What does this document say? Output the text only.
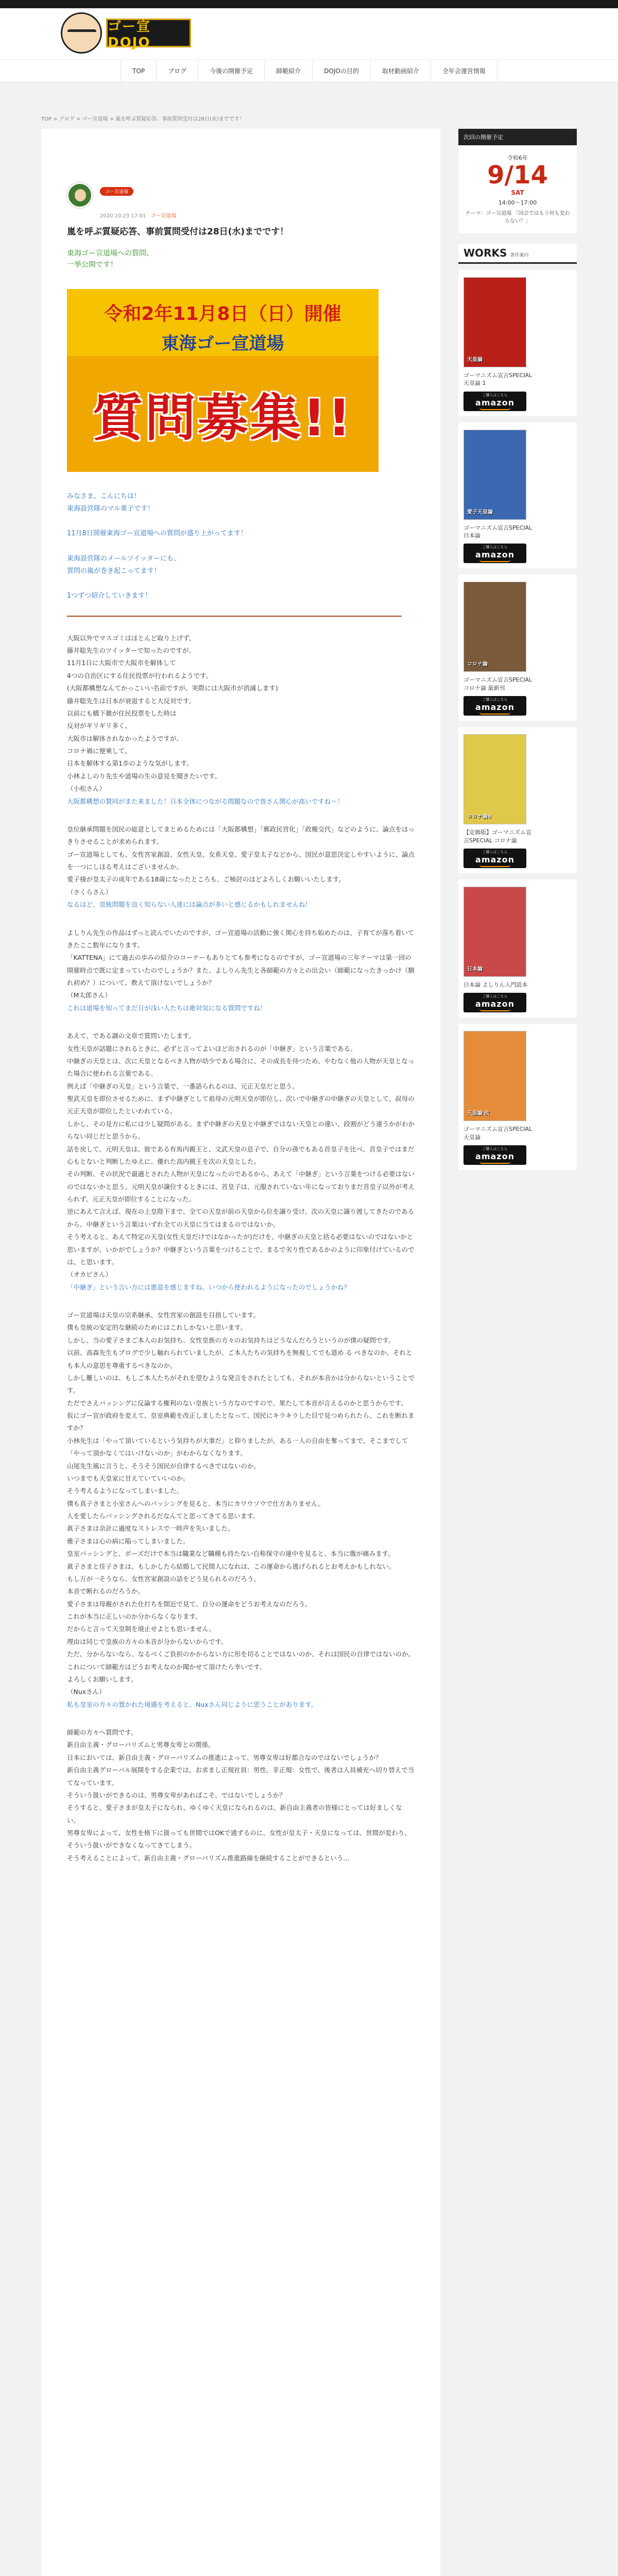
ゴー宣DOJO
TOP	ブログ	今後の開催予定	師範紹介	DOJOの目的	取材動画紹介	全年会運営情報
TOP > ブログ > ゴー宣道場 > 嵐を呼ぶ質疑応答、事前質問受付は28日(水)までです！
ゴー宣道場
2020.10.23 17:01 ゴー宣道場
嵐を呼ぶ質疑応答、事前質問受付は28日(水)までです！

東海ゴー宣道場への質問、

一挙公開です！

令和2年11月8日（日）開催
東海ゴー宣道場
質問募集!!

みなさま、こんにちは！

東海設営隊のマル菓子です！

11月8日開催東海ゴー宣道場への質問が盛り上がってます！

東海設営隊のメールソイッターにも、

質問の嵐が巻き起こってます！

1つずつ紹介していきます！

大阪以外でマスゴミはほとんど取り上げず、

藤井聡先生のツイッターで知ったのですが、

11月1日に大阪市で大阪市を解体して

4つの自治区にする住民投票が行われるようです。

(大阪都構想なんてかっこいい名前ですが、実際には大阪市が消滅します)

藤井聡先生は日本が衰退すると大反対です。

以前にも橋下徹が住民投票をした時は

反対がギリギリ多く、

大阪市は解体されなかったようですが、

コロナ禍に便乗して、

日本を解体する第1歩のような気がします。

小林よしのり先生や道場の生の意見を聞きたいです。

（小松さん）

大阪都構想の賛同がまた来ました！日本全体につながる問題なので皆さん関心が高いですね〜！

皇位継承問題を国民の総意としてまとめるためには「大阪都構想」「郵政民営化」「政権交代」などのように、論点をはっきりさせることが求められます。

ゴー宣道場としても、女性宮家創設、女性天皇、女系天皇、愛子皇太子などから、国民が意思決定しやすいように、論点を一つにしほる考えはございませんか。

愛子様が皇太子の成年である18歳になったところも、ご検討のほどよろしくお願いいたします。

（さくらさん）

なるほど、皇統問題を良く知らない人達には論点が多いと感じるかもしれませんね！

よしりん先生の作品はずっと読んでいたのですが、ゴー宣道場の活動に強く関心を持ち始めたのは、子育てが落ち着いてきたここ数年になります。

「KATTENA」にて過去の歩みの紹介のコーナーもありとても参考になるのですが、ゴー宣道場の三年テーマは第一回の開催時点で既に定まっていたのでしょうか？また、よしりん先生と各師範の方々との出会い（師範になったきっかけ（馴れ初め？）について、教えて頂けないでしょうか？

（M太郎さん）

これは道場を知ってまだ日が浅い人たちは絶対気になる質問ですね！

あえて、である調の文章で質問いたします。

女性天皇が話題にされるときに、必ずと言ってよいほど出されるのが「中継ぎ」という言葉である。

中継ぎの天皇とは、次に天皇となるべき人物が幼少である場合に、その成長を待つため、やむなく他の人物が天皇となった場合に使われる言葉である。

例えば「中継ぎの天皇」という言葉で、一番語られるのは、元正天皇だと思う。

聖武天皇を即位させるために、まず中継ぎとして祖母の元明天皇が即位し、次いで中継ぎの中継ぎの天皇として、叔母の元正天皇が即位したといわれている。

しかし、その見方に私には少し疑問がある。まず中継ぎの天皇と中継ぎではない天皇との違い、段割がどう違うかがわからない同じだと思うから。

話を戻して、元明天皇は、彼である有馬内親王と、文武天皇の息子で、自分の孫でもある首皇子を比べ、首皇子ではまだ心もとないと判断したゆえに、優れた高内親王を次の天皇とした。

その判断、その状況で最適とされた人物が天皇になったのであるから、あえて「中継ぎ」という言葉をつける必要はないのではないかと思う。元明天皇が譲位するときには、首皇子は、元服されていない年になっておりまだ首皇子以外が考えられず、元正天皇が即位することになった。

逆にあえて言えば、現在の上皇陛下まで、全ての天皇が前の天皇から位を譲り受け、次の天皇に譲り渡してきたのであるから、中継ぎという言葉はいずれ全ての天皇に当てはまるのではないか。

そう考えると、あえて特定の天皇(女性天皇だけではなかったが)だけを、中継ぎの天皇と括る必要はないのではないかと思いますが、いかがでしょうか？中継ぎという言葉をつけることで、まるで劣り性であるかのように印象付けているのでは、と思います。

（オカピさん）

「中継ぎ」という言い方には悪意を感じますね。いつから使われるようになったのでしょうかね？

ゴー宣道場は天皇の宗系継承、女性宮家の創設を目指しています。

僕も皇統の安定的な継続のためにはこれしかないと思います。

しかし、当の愛子さまご本人のお気持ち、女性皇族の方々のお気持ちはどうなんだろうというのが僕の疑問です。

以前、高森先生もブログで少し触れられていましたが、ご本人たちの気持ちを無視してでも道め る べきなのか、それとも本人の意思を尊重するべきなのか。

しかし難しいのは、もしご本人たちがそれを望むような発言をされたとしても、それが本音かは分からないということです。

ただでさえバッシングに反論する権利のない皇族という方なのですので、果たして本音が言えるのかと思うからです。

仮にゴー宣が政府を変えて、皇室典範を改正しましたとなって、国民にキラキラした目で見つめられたら、これを断れますか？

小林先生は「やって頂いているという気持ちが大事だ」と仰りましたが、ある一人の自由を奪ってまで、そこまでして「やって頂かなくてはいけないのか」がわからなくなります。

山尾先生風に言うと、そうそう国民が自律するべきではないのか。

いつまでも天皇家に甘えていていいのか。

そう考えるようになってしまいました。

僕も真子さまと小室さんへのバッシングを見ると、本当にカワウソウで仕方ありません。

人を愛したらバッシングされるだなんてと思ってきてる思います。

眞子さまは余計に過度なストレスで一時声を失いました。

雅子さまは心の病に陥ってしまいました。

皇室バッシングと、ボーズだけで本当は職業など職種も持たない自称保守の連中を見ると、本当に腹が痛みます。

眞子さまと佳子さまは、もしかしたら結婚して民間人になれは、この運命から逃げられるとお考えかもしれない。

もし万が一そうなら、女性宮家創設の話をどう見られるのだろう。

本音で断れるのだろうか。

愛子さまは母親がされた仕打ちを間近で見て、自分の運命をどうお考えなのだろう。

これが本当に正しいのか分からなくなります。

だからと言って天皇制を廃止せよとも思いません。

理由は同じで皇族の方々の本音が分からないからです。

ただ、分からないなら、なるべくご負担のかからない方に形を切ることではないのか、それは国民の自律ではないのか。

これについて師範方はどうお考えなのか聞かせて頂けたら幸いです。

よろしくお願いします。

（Nuxさん）

私も皇室の方々の置かれた境遇を考えると、Nuxさん同じように思うことがあります。

師範の方々へ質問です。

新自由主義・グローバリズムと男尊女卑との関係。

日本においては、新自由主義・グローバリズムの推進によって、男尊女卑は好都合なのではないでしょうか？

新自由主義グローバル展開をする企業では、お求まし正規社員：男性、非正規：女性で、後者は人員補充へ切り替えで当てなっています。

そういう扱いができるのは、男尊女卑があればこそ、ではないでしょうか？

そうすると、愛子さまが皇太子になられ、ゆくゆく天皇になられるのは、新自由主義者の皆様にとっては好ましくない。

男尊女卑によって、女性を格下に扱っても世間ではOKで通ずるのに、女性が皇太子・天皇になっては、世間が変わり、そういう扱いができなくなってきてしまう。

そう考えることによって、新自由主義・グローバリズム推進路線を継続することができるという...

次回の開催予定
令和6年
9/14
SAT
14:00〜17:00
テーマ：ゴー宣道場 「国会ではもう何も変わらない？」
WORKS 著作案内
天皇論
ゴーマニズム宣言SPECIAL 天皇論 1
ご購入はこちら
amazon
愛子天皇論
ゴーマニズム宣言SPECIAL 日本論
ご購入はこちら
amazon
コロナ論
ゴーマニズム宣言SPECIAL コロナ論 最新刊
ご購入はこちら
amazon
コロナ論4
【定価版】ゴーマニズム宣言SPECIAL コロナ論
ご購入はこちら
amazon
日本論
日本論 よしりん入門読本
ご購入はこちら
amazon
天皇論 改
ゴーマニズム宣言SPECIAL 天皇論
ご購入はこちら
amazon
